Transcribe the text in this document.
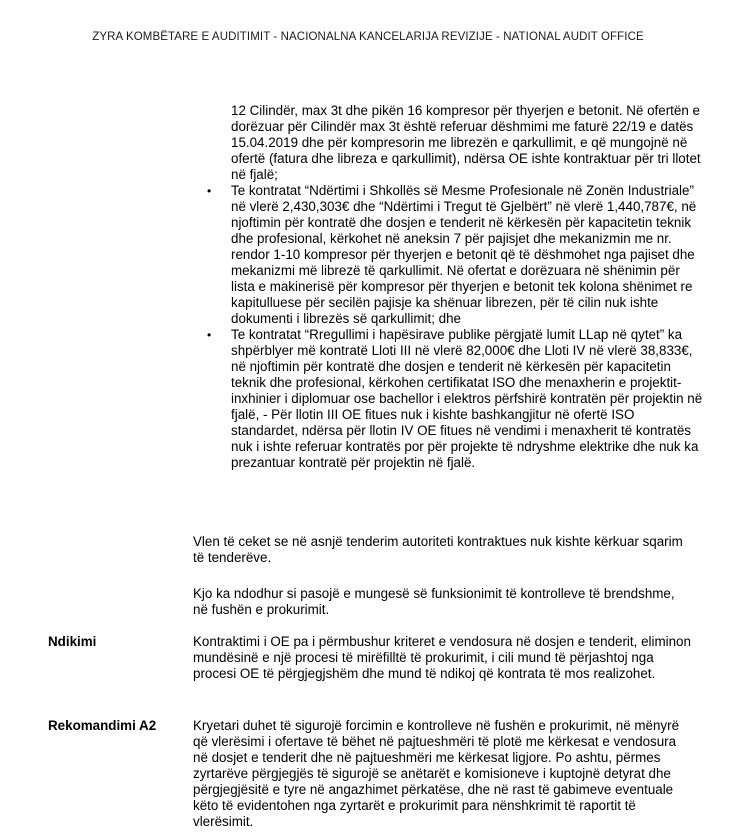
ZYRA KOMBËTARE E AUDITIMIT - NACIONALNA KANCELARIJA REVIZIJE - NATIONAL AUDIT OFFICE

12 Cilindër, max 3t dhe pikën 16 kompresor për thyerjen e betonit. Në ofertën e dorëzuar për Cilindër max 3t është referuar dëshmimi me faturë 22/19 e datës 15.04.2019 dhe për kompresorin me librezën e qarkullimit, e që mungojnë në ofertë (fatura dhe libreza e qarkullimit), ndërsa OE ishte kontraktuar për tri llotet në fjalë;

• Te kontratat “Ndërtimi i Shkollës së Mesme Profesionale në Zonën Industriale” në vlerë 2,430,303€ dhe “Ndërtimi i Tregut të Gjelbërt” në vlerë 1,440,787€, në njoftimin për kontratë dhe dosjen e tenderit në kërkesën për kapacitetin teknik dhe profesional, kërkohet në aneksin 7 për pajisjet dhe mekanizmin me nr. rendor 1-10 kompresor për thyerjen e betonit që të dëshmohet nga pajiset dhe mekanizmi më librezë të qarkullimit. Në ofertat e dorëzuara në shënimin për lista e makinerisë për kompresor për thyerjen e betonit tek kolona shënimet re kapitulluese për secilën pajisje ka shënuar librezen, për të cilin nuk ishte dokumenti i librezës së qarkullimit; dhe
• Te kontratat “Rregullimi i hapësirave publike përgjatë lumit LLap në qytet” ka shpërblyer më kontratë Lloti III në vlerë 82,000€ dhe Lloti IV në vlerë 38,833€, në njoftimin për kontratë dhe dosjen e tenderit në kërkesën për kapacitetin teknik dhe profesional, kërkohen certifikatat ISO dhe menaxherin e projektit- inxhinier i diplomuar ose bachellor i elektros përfshirë kontratën për projektin në fjalë, - Për llotin III OE fitues nuk i kishte bashkangjitur në ofertë ISO standardet, ndërsa për llotin IV OE fitues në vendimi i menaxherit të kontratës nuk i ishte referuar kontratës por për projekte të ndryshme elektrike dhe nuk ka prezantuar kontratë për projektin në fjalë.

Vlen të ceket se në asnjë tenderim autoriteti kontraktues nuk kishte kërkuar sqarim të tenderëve.

Kjo ka ndodhur si pasojë e mungesë së funksionimit të kontrolleve të brendshme, në fushën e prokurimit.

Ndikimi	Kontraktimi i OE pa i përmbushur kriteret e vendosura në dosjen e tenderit, eliminon mundësinë e një procesi të mirëfilltë të prokurimit, i cili mund të përjashtoj nga procesi OE të përgjegjshëm dhe mund të ndikoj që kontrata të mos realizohet.

Rekomandimi A2	Kryetari duhet të sigurojë forcimin e kontrolleve në fushën e prokurimit, në mënyrë që vlerësimi i ofertave të bëhet në pajtueshmëri të plotë me kërkesat e vendosura në dosjet e tenderit dhe në pajtueshmëri me kërkesat ligjore. Po ashtu, përmes zyrtarëve përgjegjës të sigurojë se anëtarët e komisioneve i kuptojnë detyrat dhe përgjegjësitë e tyre në angazhimet përkatëse, dhe në rast të gabimeve eventuale këto të evidentohen nga zyrtarët e prokurimit para nënshkrimit të raportit të vlerësimit.
